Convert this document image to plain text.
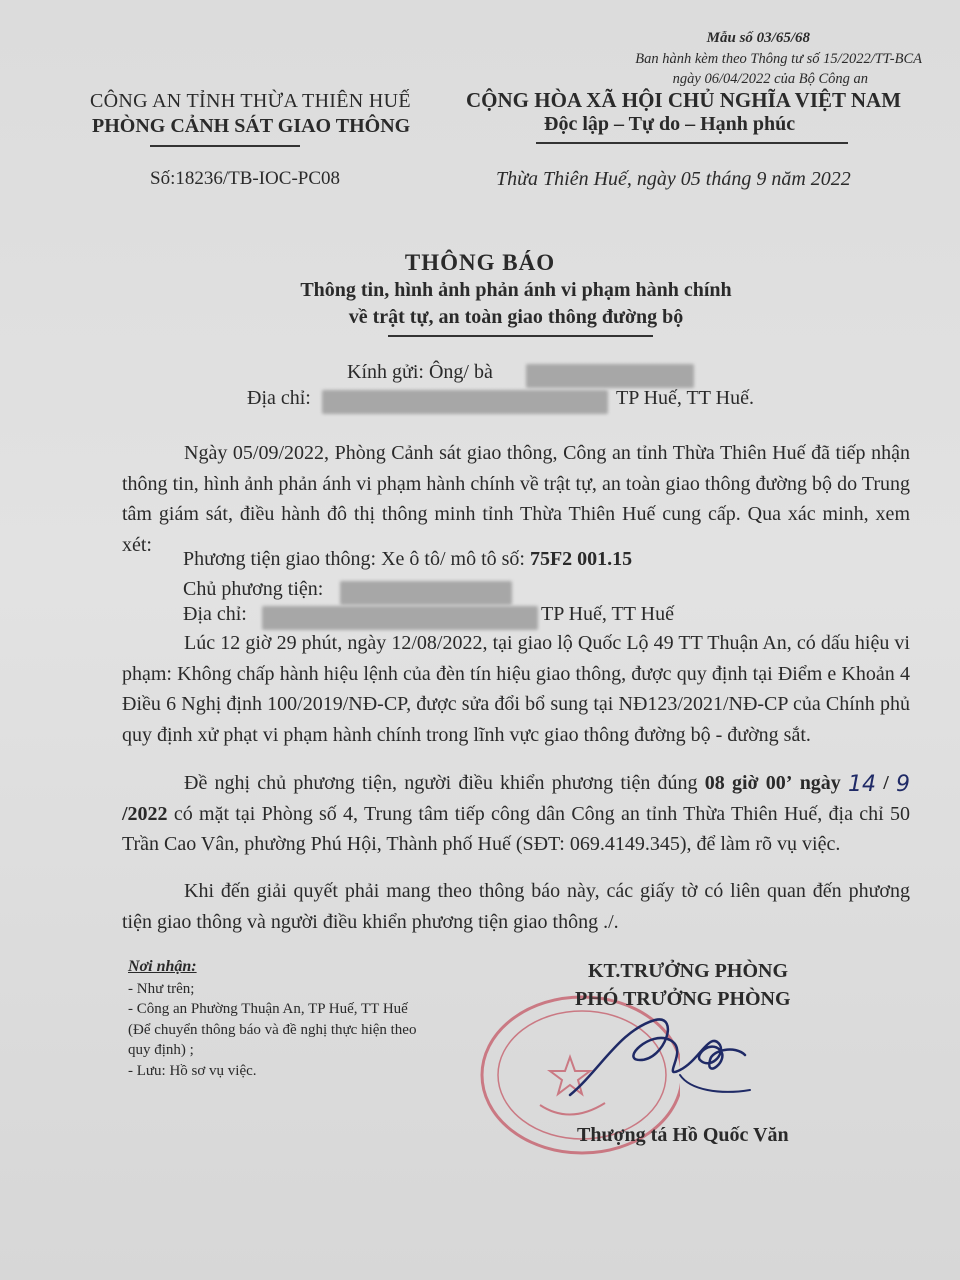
Mẫu số 03/65/68
Ban hành kèm theo Thông tư số 15/2022/TT-BCA
ngày 06/04/2022 của Bộ Công an
CÔNG AN TỈNH THỪA THIÊN HUẾ
PHÒNG CẢNH SÁT GIAO THÔNG
CỘNG HÒA XÃ HỘI CHỦ NGHĨA VIỆT NAM
Độc lập – Tự do – Hạnh phúc
Số:18236/TB-IOC-PC08	Thừa Thiên Huế, ngày 05 tháng 9 năm 2022
THÔNG BÁO
Thông tin, hình ảnh phản ánh vi phạm hành chính
về trật tự, an toàn giao thông đường bộ
Kính gửi: Ông/ bà
Địa chỉ:	TP Huế, TT Huế.
Ngày 05/09/2022, Phòng Cảnh sát giao thông, Công an tỉnh Thừa Thiên Huế đã tiếp nhận thông tin, hình ảnh phản ánh vi phạm hành chính về trật tự, an toàn giao thông đường bộ do Trung tâm giám sát, điều hành đô thị thông minh tỉnh Thừa Thiên Huế cung cấp. Qua xác minh, xem xét:
Phương tiện giao thông: Xe ô tô/ mô tô số: 75F2 001.15
Chủ phương tiện:
Địa chỉ:	TP Huế, TT Huế
Lúc 12 giờ 29 phút, ngày 12/08/2022, tại giao lộ Quốc Lộ 49 TT Thuận An, có dấu hiệu vi phạm: Không chấp hành hiệu lệnh của đèn tín hiệu giao thông, được quy định tại Điểm e Khoản 4 Điều 6 Nghị định 100/2019/NĐ-CP, được sửa đổi bổ sung tại NĐ123/2021/NĐ-CP của Chính phủ quy định xử phạt vi phạm hành chính trong lĩnh vực giao thông đường bộ - đường sắt.
Đề nghị chủ phương tiện, người điều khiển phương tiện đúng 08 giờ 00’ ngày 14 / 9 /2022 có mặt tại Phòng số 4, Trung tâm tiếp công dân Công an tỉnh Thừa Thiên Huế, địa chỉ 50 Trần Cao Vân, phường Phú Hội, Thành phố Huế (SĐT: 069.4149.345), để làm rõ vụ việc.
Khi đến giải quyết phải mang theo thông báo này, các giấy tờ có liên quan đến phương tiện giao thông và người điều khiển phương tiện giao thông ./.
Nơi nhận:
- Như trên;
- Công an Phường Thuận An, TP Huế, TT Huế
(Để chuyển thông báo và đề nghị thực hiện theo
quy định) ;
- Lưu: Hồ sơ vụ việc.
KT.TRƯỞNG PHÒNG
PHÓ TRƯỞNG PHÒNG
Thượng tá Hồ Quốc Văn
